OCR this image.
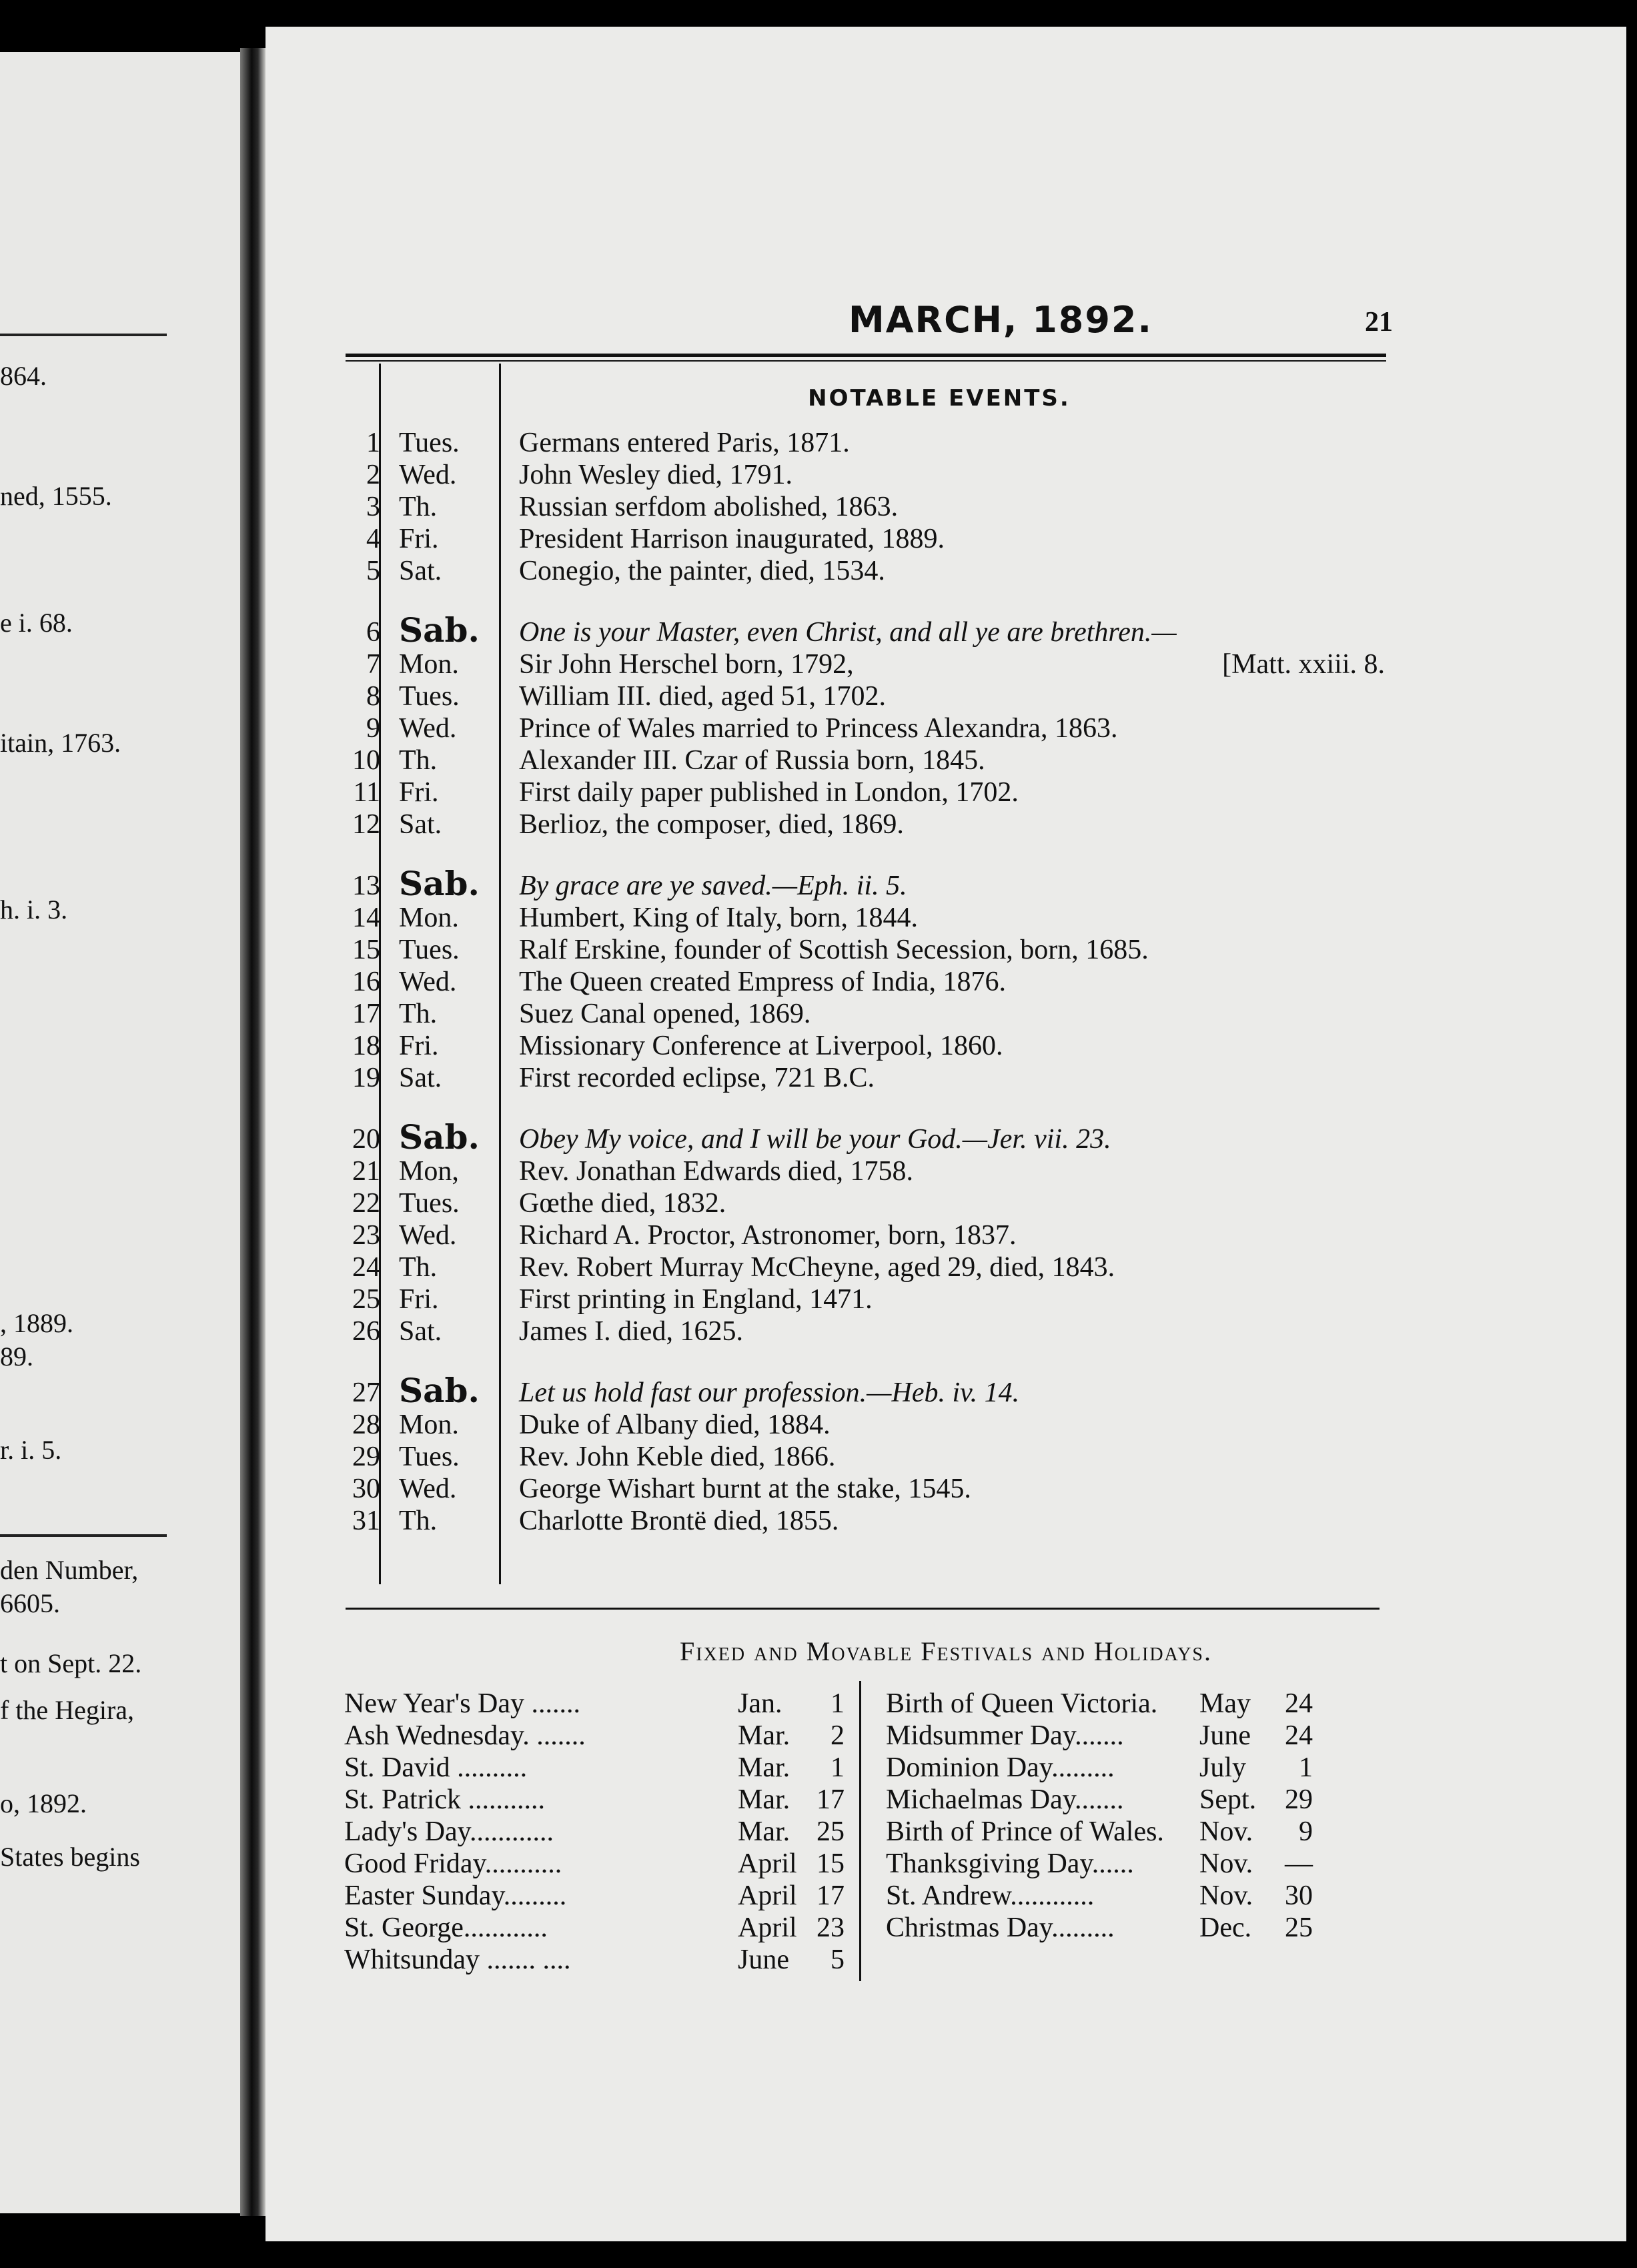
864.
ned, 1555.
e i. 68.
itain, 1763.
h. i. 3.
, 1889.
89.
r. i. 5.
den Number,
6605.
t on Sept. 22.
f the Hegira,
o, 1892.
States begins
MARCH, 1892.	21
NOTABLE EVENTS.
1 Tues.	Germans entered Paris, 1871.
2 Wed.	John Wesley died, 1791.
3 Th.	Russian serfdom abolished, 1863.
4 Fri.	President Harrison inaugurated, 1889.
5 Sat.	Conegio, the painter, died, 1534.
6 Sab. One is your Master, even Christ, and all ye are brethren.—
7 Mon.	Sir John Herschel born, 1792,	[Matt. xxiii. 8.
8 Tues.	William III. died, aged 51, 1702.
9 Wed.	Prince of Wales married to Princess Alexandra, 1863.
10 Th.	Alexander III. Czar of Russia born, 1845.
11 Fri.	First daily paper published in London, 1702.
12 Sat.	Berlioz, the composer, died, 1869.
13 Sab. By grace are ye saved.—Eph. ii. 5.
14 Mon.	Humbert, King of Italy, born, 1844.
15 Tues.	Ralf Erskine, founder of Scottish Secession, born, 1685.
16 Wed.	The Queen created Empress of India, 1876.
17 Th.	Suez Canal opened, 1869.
18 Fri.	Missionary Conference at Liverpool, 1860.
19 Sat.	First recorded eclipse, 721 B.C.
20 Sab. Obey My voice, and I will be your God.—Jer. vii. 23.
21 Mon,	Rev. Jonathan Edwards died, 1758.
22 Tues.	Gœthe died, 1832.
23 Wed.	Richard A. Proctor, Astronomer, born, 1837.
24 Th.	Rev. Robert Murray McCheyne, aged 29, died, 1843.
25 Fri.	First printing in England, 1471.
26 Sat.	James I. died, 1625.
27 Sab. Let us hold fast our profession.—Heb. iv. 14.
28 Mon.	Duke of Albany died, 1884.
29 Tues.	Rev. John Keble died, 1866.
30 Wed.	George Wishart burnt at the stake, 1545.
31 Th.	Charlotte Brontë died, 1855.
Fixed and Movable Festivals and Holidays.
New Year's Day .......	Jan.	1
Ash Wednesday. .......	Mar.	2
St. David ..........	Mar.	1
St. Patrick ...........	Mar. 17
Lady's Day............	Mar. 25
Good Friday...........	April 15
Easter Sunday.........	April 17
St. George............	April 23
Whitsunday ....... ....	June	5
Birth of Queen Victoria. May	24
Midsummer Day.......	June	24
Dominion Day.........	July	1
Michaelmas Day.......	Sept.	29
Birth of Prince of Wales. Nov.	9
Thanksgiving Day...... Nov.	—
St. Andrew............	Nov.	30
Christmas Day.........	Dec.	25
